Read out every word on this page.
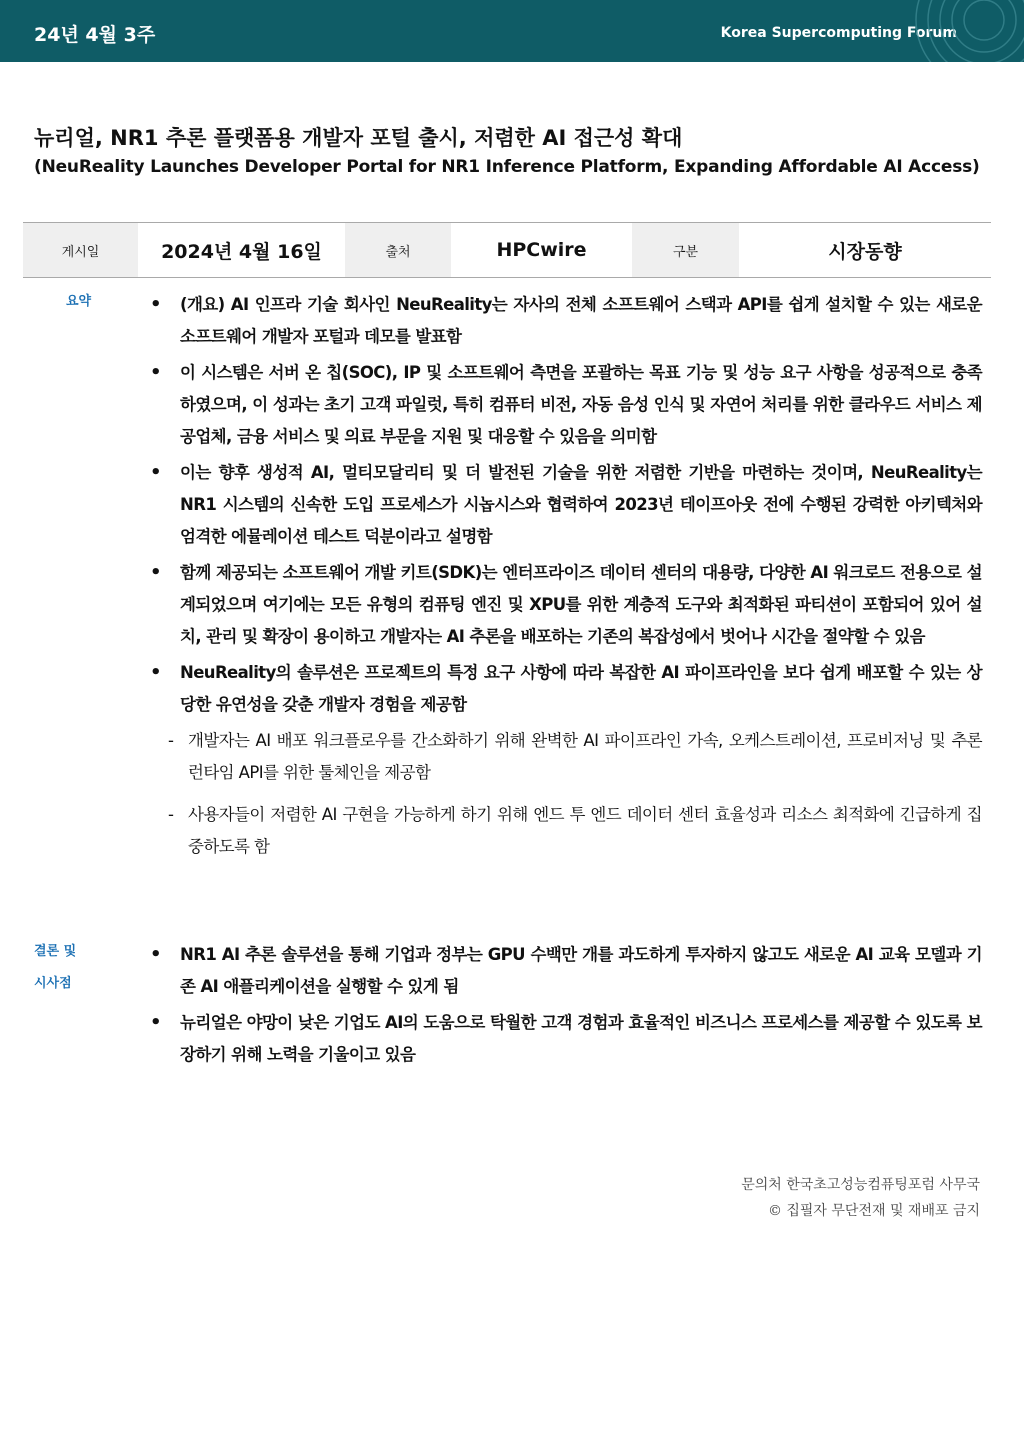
24년 4월 3주	Korea Supercomputing Forum
뉴리얼, NR1 추론 플랫폼용 개발자 포털 출시, 저렴한 AI 접근성 확대
(NeuReality Launches Developer Portal for NR1 Inference Platform, Expanding Affordable AI Access)
게시일	2024년 4월 16일	출처	HPCwire	구분	시장동향
요약
•	(개요) AI 인프라 기술 회사인 NeuReality는 자사의 전체 소프트웨어 스택과 API를 쉽게 설치할 수 있는 새로운 소프트웨어 개발자 포털과 데모를 발표함
• 이 시스템은 서버 온 칩(SOC), IP 및 소프트웨어 측면을 포괄하는 목표 기능 및 성능 요구 사항을 성공적으로 충족하였으며, 이 성과는 초기 고객 파일럿, 특히 컴퓨터 비전, 자동 음성 인식 및 자연어 처리를 위한 클라우드 서비스 제공업체, 금융 서비스 및 의료 부문을 지원 및 대응할 수 있음을 의미함
• 이는 향후 생성적 AI, 멀티모달리티 및 더 발전된 기술을 위한 저렴한 기반을 마련하는 것이며, NeuReality는 NR1 시스템의 신속한 도입 프로세스가 시놉시스와 협력하여 2023년 테이프아웃 전에 수행된 강력한 아키텍처와 엄격한 에뮬레이션 테스트 덕분이라고 설명함
• 함께 제공되는 소프트웨어 개발 키트(SDK)는 엔터프라이즈 데이터 센터의 대용량, 다양한 AI 워크로드 전용으로 설계되었으며 여기에는 모든 유형의 컴퓨팅 엔진 및 XPU를 위한 계층적 도구와 최적화된 파티션이 포함되어 있어 설치, 관리 및 확장이 용이하고 개발자는 AI 추론을 배포하는 기존의 복잡성에서 벗어나 시간을 절약할 수 있음
• NeuReality의 솔루션은 프로젝트의 특정 요구 사항에 따라 복잡한 AI 파이프라인을 보다 쉽게 배포할 수 있는 상당한 유연성을 갖춘 개발자 경험을 제공함
- 개발자는 AI 배포 워크플로우를 간소화하기 위해 완벽한 AI 파이프라인 가속, 오케스트레이션, 프로비저닝 및 추론 런타임 API를 위한 툴체인을 제공함
- 사용자들이 저렴한 AI 구현을 가능하게 하기 위해 엔드 투 엔드 데이터 센터 효율성과 리소스 최적화에 긴급하게 집중하도록 함
결론 및
시사점
• NR1 AI 추론 솔루션을 통해 기업과 정부는 GPU 수백만 개를 과도하게 투자하지 않고도 새로운 AI 교육 모델과 기존 AI 애플리케이션을 실행할 수 있게 됨
• 뉴리얼은 야망이 낮은 기업도 AI의 도움으로 탁월한 고객 경험과 효율적인 비즈니스 프로세스를 제공할 수 있도록 보장하기 위해 노력을 기울이고 있음
문의처 한국초고성능컴퓨팅포럼 사무국
© 집필자 무단전재 및 재배포 금지
